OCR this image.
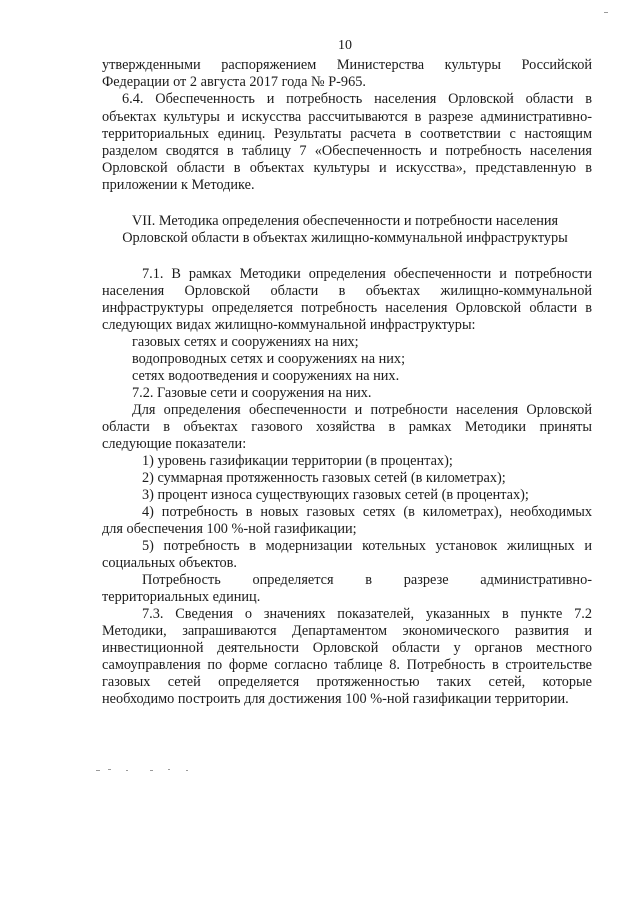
10
утвержденными распоряжением Министерства культуры Российской
Федерации от 2 августа 2017 года № Р-965.
6.4. Обеспеченность и потребность населения Орловской области в
объектах культуры и искусства рассчитываются в разрезе административно-
территориальных единиц. Результаты расчета в соответствии с настоящим
разделом сводятся в таблицу 7 «Обеспеченность и потребность населения
Орловской области в объектах культуры и искусства», представленную в
приложении к Методике.
VII. Методика определения обеспеченности и потребности населения
Орловской области в объектах жилищно-коммунальной инфраструктуры
7.1. В рамках Методики определения обеспеченности и потребности
населения Орловской области в объектах жилищно-коммунальной
инфраструктуры определяется потребность населения Орловской области в
следующих видах жилищно-коммунальной инфраструктуры:
газовых сетях и сооружениях на них;
водопроводных сетях и сооружениях на них;
сетях водоотведения и сооружениях на них.
7.2. Газовые сети и сооружения на них.
Для определения обеспеченности и потребности населения Орловской
области в объектах газового хозяйства в рамках Методики приняты
следующие показатели:
1) уровень газификации территории (в процентах);
2) суммарная протяженность газовых сетей (в километрах);
3) процент износа существующих газовых сетей (в процентах);
4) потребность в новых газовых сетях (в километрах), необходимых
для обеспечения 100 %-ной газификации;
5) потребность в модернизации котельных установок жилищных и
социальных объектов.
Потребность определяется в разрезе административно-
территориальных единиц.
7.3. Сведения о значениях показателей, указанных в пункте 7.2
Методики, запрашиваются Департаментом экономического развития и
инвестиционной деятельности Орловской области у органов местного
самоуправления по форме согласно таблице 8. Потребность в строительстве
газовых сетей определяется протяженностью таких сетей, которые
необходимо построить для достижения 100 %-ной газификации территории.
